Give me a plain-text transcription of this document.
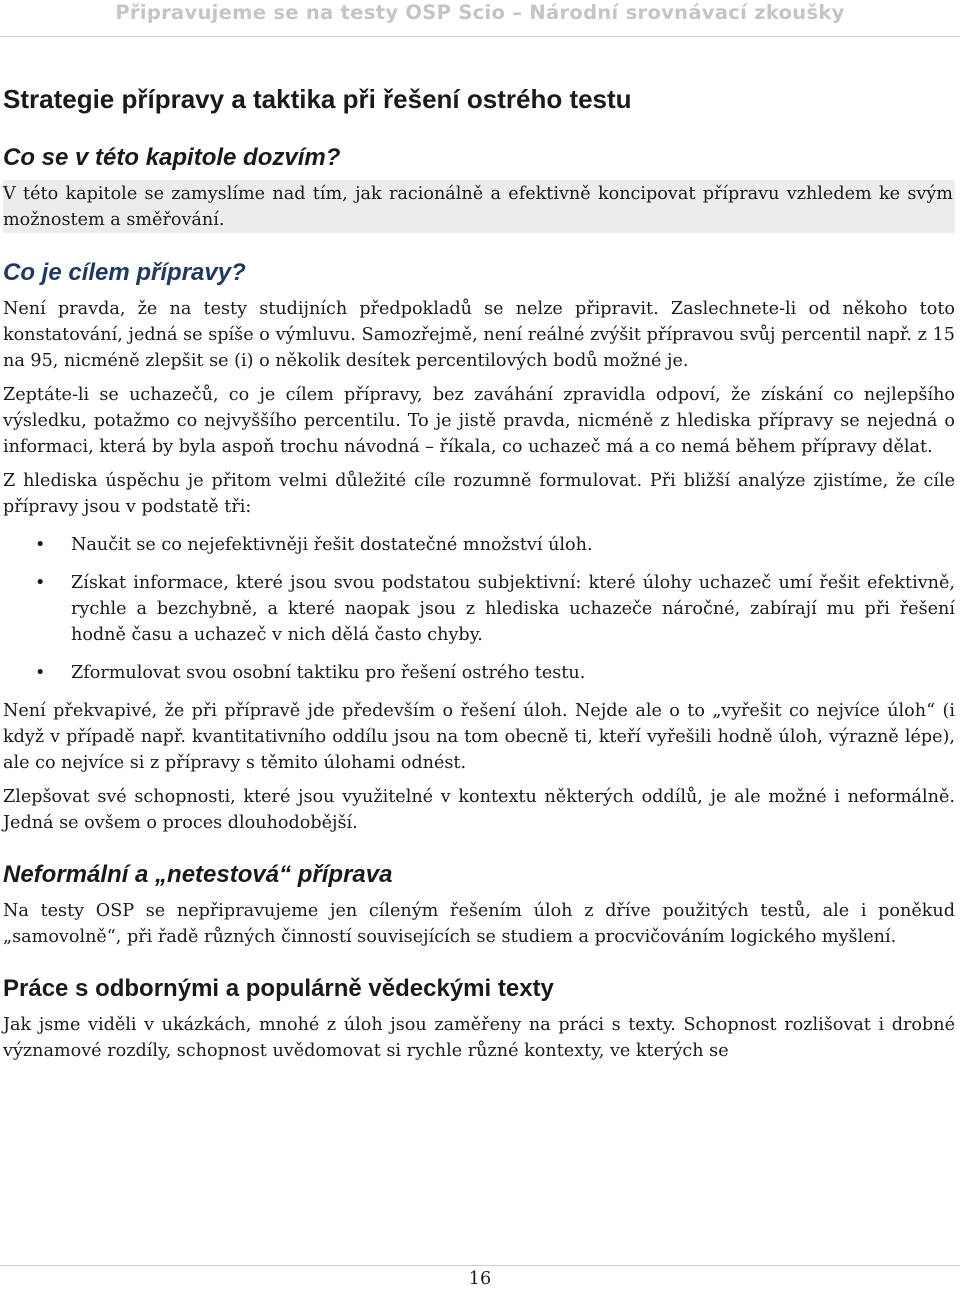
Připravujeme se na testy OSP Scio – Národní srovnávací zkoušky
Strategie přípravy a taktika při řešení ostrého testu
Co se v této kapitole dozvím?
V této kapitole se zamyslíme nad tím, jak racionálně a efektivně koncipovat přípravu vzhledem ke svým možnostem a směřování.
Co je cílem přípravy?

Není pravda, že na testy studijních předpokladů se nelze připravit. Zaslechnete-li od někoho toto konstatování, jedná se spíše o výmluvu. Samozřejmě, není reálné zvýšit přípravou svůj percentil např. z 15 na 95, nicméně zlepšit se (i) o několik desítek percentilových bodů možné je.

Zeptáte-li se uchazečů, co je cílem přípravy, bez zaváhání zpravidla odpoví, že získání co nejlepšího výsledku, potažmo co nejvyššího percentilu. To je jistě pravda, nicméně z hlediska přípravy se nejedná o informaci, která by byla aspoň trochu návodná – říkala, co uchazeč má a co nemá během přípravy dělat.

Z hlediska úspěchu je přitom velmi důležité cíle rozumně formulovat. Při bližší analýze zjistíme, že cíle přípravy jsou v podstatě tři:

• Naučit se co nejefektivněji řešit dostatečné množství úloh.
• Získat informace, které jsou svou podstatou subjektivní: které úlohy uchazeč umí řešit efektivně, rychle a bezchybně, a které naopak jsou z hlediska uchazeče náročné, zabírají mu při řešení hodně času a uchazeč v nich dělá často chyby.
• Zformulovat svou osobní taktiku pro řešení ostrého testu.

Není překvapivé, že při přípravě jde především o řešení úloh. Nejde ale o to „vyřešit co nejvíce úloh“ (i když v případě např. kvantitativního oddílu jsou na tom obecně ti, kteří vyřešili hodně úloh, výrazně lépe), ale co nejvíce si z přípravy s těmito úlohami odnést.

Zlepšovat své schopnosti, které jsou využitelné v kontextu některých oddílů, je ale možné i neformálně. Jedná se ovšem o proces dlouhodobější.

Neformální a „netestová“ příprava

Na testy OSP se nepřipravujeme jen cíleným řešením úloh z dříve použitých testů, ale i poněkud „samovolně“, při řadě různých činností souvisejících se studiem a procvičováním logického myšlení.

Práce s odbornými a populárně vědeckými texty

Jak jsme viděli v ukázkách, mnohé z úloh jsou zaměřeny na práci s texty. Schopnost rozlišovat i drobné významové rozdíly, schopnost uvědomovat si rychle různé kontexty, ve kterých se

16
